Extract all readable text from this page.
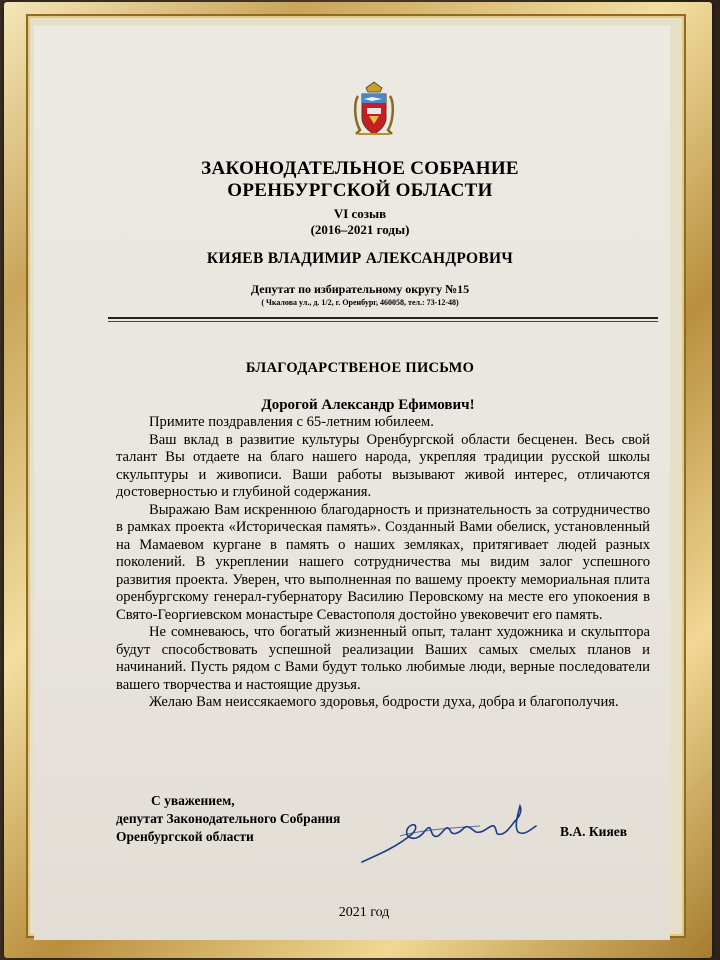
ЗАКОНОДАТЕЛЬНОЕ СОБРАНИЕ
ОРЕНБУРГСКОЙ ОБЛАСТИ
VI созыв
(2016–2021 годы)
КИЯЕВ ВЛАДИМИР АЛЕКСАНДРОВИЧ
Депутат по избирательному округу №15
( Чкалова ул., д. 1/2, г. Оренбург, 460058, тел.: 73-12-48)
БЛАГОДАРСТВЕНОЕ ПИСЬМО
Дорогой Александр Ефимович!

Примите поздравления с 65-летним юбилеем.

Ваш вклад в развитие культуры Оренбургской области бесценен. Весь свой талант Вы отдаете на благо нашего народа, укрепляя традиции русской школы скульптуры и живописи. Ваши работы вызывают живой интерес, отличаются достоверностью и глубиной содержания.

Выражаю Вам искреннюю благодарность и признательность за сотрудничество в рамках проекта «Историческая память». Созданный Вами обелиск, установленный на Мамаевом кургане в память о наших земляках, притягивает людей разных поколений. В укреплении нашего сотрудничества мы видим залог успешного развития проекта. Уверен, что выполненная по вашему проекту мемориальная плита оренбургскому генерал-губернатору Василию Перовскому на месте его упокоения в Свято-Георгиевском монастыре Севастополя достойно увековечит его память.

Не сомневаюсь, что богатый жизненный опыт, талант художника и скульптора будут способствовать успешной реализации Ваших самых смелых планов и начинаний. Пусть рядом с Вами будут только любимые люди, верные последователи вашего творчества и настоящие друзья.

Желаю Вам неиссякаемого здоровья, бодрости духа, добра и благополучия.

С уважением,
депутат Законодательного Собрания
Оренбургской области	В.А. Кияев
2021 год
